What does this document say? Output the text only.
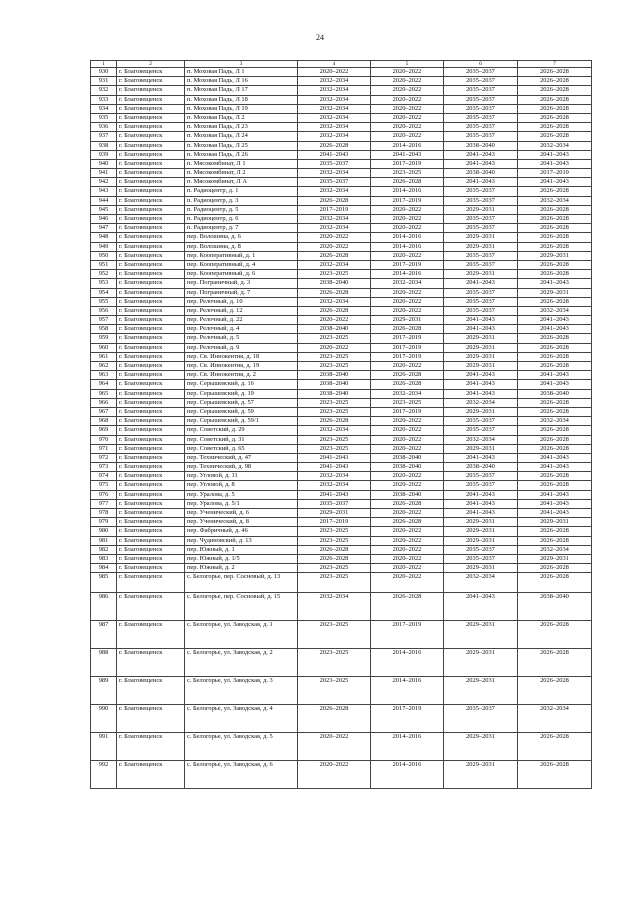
24
1	2	3	4	5	6	7
930	г. Благовещенск	п. Моховая Падь, Л 1	2020–2022	2020–2022	2035–2037	2026–2028
931	г. Благовещенск	п. Моховая Падь, Л 16	2032–2034	2020–2022	2035–2037	2026–2028
932	г. Благовещенск	п. Моховая Падь, Л 17	2032–2034	2020–2022	2035–2037	2026–2028
933	г. Благовещенск	п. Моховая Падь, Л 18	2032–2034	2020–2022	2035–2037	2026–2028
934	г. Благовещенск	п. Моховая Падь, Л 19	2032–2034	2020–2022	2035–2037	2026–2028
935	г. Благовещенск	п. Моховая Падь, Л 2	2032–2034	2020–2022	2035–2037	2026–2028
936	г. Благовещенск	п. Моховая Падь, Л 23	2032–2034	2020–2022	2035–2037	2026–2028
937	г. Благовещенск	п. Моховая Падь, Л 24	2032–2034	2020–2022	2035–2037	2026–2028
938	г. Благовещенск	п. Моховая Падь, Л 25	2026–2028	2014–2016	2038–2040	2032–2034
939	г. Благовещенск	п. Моховая Падь, Л 26	2041–2043	2041–2043	2041–2043	2041–2043
940	г. Благовещенск	п. Мясокомбинат, Л 1	2035–2037	2017–2019	2041–2043	2041–2043
941	г. Благовещенск	п. Мясокомбинат, Л 2	2032–2034	2023–2025	2038–2040	2017–2019
942	г. Благовещенск	п. Мясокомбинат, Л А	2035–2037	2026–2028	2041–2043	2041–2043
943	г. Благовещенск	п. Радиоцентр, д. 1	2032–2034	2014–2016	2035–2037	2026–2028
944	г. Благовещенск	п. Радиоцентр, д. 3	2026–2028	2017–2019	2035–2037	2032–2034
945	г. Благовещенск	п. Радиоцентр, д. 5	2017–2019	2020–2022	2029–2031	2026–2028
946	г. Благовещенск	п. Радиоцентр, д. 6	2032–2034	2020–2022	2035–2037	2026–2028
947	г. Благовещенск	п. Радиоцентр, д. 7	2032–2034	2020–2022	2035–2037	2026–2028
948	г. Благовещенск	пер. Волошина, д. 6	2020–2022	2014–2016	2029–2031	2026–2028
949	г. Благовещенск	пер. Волошина, д. 8	2020–2022	2014–2016	2029–2031	2026–2028
950	г. Благовещенск	пер. Кооперативный, д. 1	2026–2028	2020–2022	2035–2037	2029–2031
951	г. Благовещенск	пер. Кооперативный, д. 4	2032–2034	2017–2019	2035–2037	2026–2028
952	г. Благовещенск	пер. Кооперативный, д. 6	2023–2025	2014–2016	2029–2031	2026–2028
953	г. Благовещенск	пер. Пограничный, д. 3	2038–2040	2032–2034	2041–2043	2041–2043
954	г. Благовещенск	пер. Пограничный, д. 7	2026–2028	2020–2022	2035–2037	2029–2031
955	г. Благовещенск	пер. Релочный, д. 10	2032–2034	2020–2022	2035–2037	2026–2028
956	г. Благовещенск	пер. Релочный, д. 12	2026–2028	2020–2022	2035–2037	2032–2034
957	г. Благовещенск	пер. Релочный, д. 22	2020–2022	2029–2031	2041–2043	2041–2043
958	г. Благовещенск	пер. Релочный, д. 4	2038–2040	2026–2028	2041–2043	2041–2043
959	г. Благовещенск	пер. Релочный, д. 5	2023–2025	2017–2019	2029–2031	2026–2028
960	г. Благовещенск	пер. Релочный, д. 9	2020–2022	2017–2019	2029–2031	2026–2028
961	г. Благовещенск	пер. Св. Иннокентия, д. 18	2023–2025	2017–2019	2029–2031	2026–2028
962	г. Благовещенск	пер. Св. Иннокентия, д. 19	2023–2025	2020–2022	2029–2031	2026–2028
963	г. Благовещенск	пер. Св. Иннокентия, д. 2	2038–2040	2026–2028	2041–2043	2041–2043
964	г. Благовещенск	пер. Серышевский, д. 16	2038–2040	2026–2028	2041–2043	2041–2043
965	г. Благовещенск	пер. Серышевский, д. 19	2038–2040	2032–2034	2041–2043	2038–2040
966	г. Благовещенск	пер. Серышевский, д. 57	2023–2025	2023–2025	2032–2034	2026–2028
967	г. Благовещенск	пер. Серышевский, д. 59	2023–2025	2017–2019	2029–2031	2026–2028
968	г. Благовещенск	пер. Серышевский, д. 59/1	2026–2028	2020–2022	2035–2037	2032–2034
969	г. Благовещенск	пер. Советский, д. 29	2032–2034	2020–2022	2035–2037	2026–2028
970	г. Благовещенск	пер. Советский, д. 31	2023–2025	2020–2022	2032–2034	2026–2028
971	г. Благовещенск	пер. Советский, д. 65	2023–2025	2020–2022	2029–2031	2026–2028
972	г. Благовещенск	пер. Технический, д. 47	2041–2043	2038–2040	2041–2043	2041–2043
973	г. Благовещенск	пер. Технический, д. 98	2041–2043	2038–2040	2038–2040	2041–2043
974	г. Благовещенск	пер. Угловой, д. 11	2032–2034	2020–2022	2035–2037	2026–2028
975	г. Благовещенск	пер. Угловой, д. 8	2032–2034	2020–2022	2035–2037	2026–2028
976	г. Благовещенск	пер. Уралова, д. 5	2041–2043	2038–2040	2041–2043	2041–2043
977	г. Благовещенск	пер. Уралова, д. 5/1	2035–2037	2026–2028	2041–2043	2041–2043
978	г. Благовещенск	пер. Ученический, д. 6	2029–2031	2020–2022	2041–2043	2041–2043
979	г. Благовещенск	пер. Ученический, д. 8	2017–2019	2026–2028	2029–2031	2029–2031
980	г. Благовещенск	пер. Фабричный, д. 46	2023–2025	2020–2022	2029–2031	2026–2028
981	г. Благовещенск	пер. Чудиновский, д. 13	2023–2025	2020–2022	2029–2031	2026–2028
982	г. Благовещенск	пер. Южный, д. 1	2026–2028	2020–2022	2035–2037	2032–2034
983	г. Благовещенск	пер. Южный, д. 1/5	2026–2028	2020–2022	2035–2037	2029–2031
984	г. Благовещенск	пер. Южный, д. 2	2023–2025	2020–2022	2029–2031	2026–2028
985	г. Благовещенск	с. Белогорье, пер. Сосновый, д. 13	2023–2025	2020–2022	2032–2034	2026–2028
986	г. Благовещенск	с. Белогорье, пер. Сосновый, д. 15	2032–2034	2026–2028	2041–2043	2038–2040
987	г. Благовещенск	с. Белогорье, ул. Заводская, д. 1	2023–2025	2017–2019	2029–2031	2026–2028
988	г. Благовещенск	с. Белогорье, ул. Заводская, д. 2	2023–2025	2014–2016	2029–2031	2026–2028
989	г. Благовещенск	с. Белогорье, ул. Заводская, д. 3	2023–2025	2014–2016	2029–2031	2026–2028
990	г. Благовещенск	с. Белогорье, ул. Заводская, д. 4	2026–2028	2017–2019	2035–2037	2032–2034
991	г. Благовещенск	с. Белогорье, ул. Заводская, д. 5	2020–2022	2014–2016	2029–2031	2026–2028
992	г. Благовещенск	с. Белогорье, ул. Заводская, д. 6	2020–2022	2014–2016	2029–2031	2026–2028
